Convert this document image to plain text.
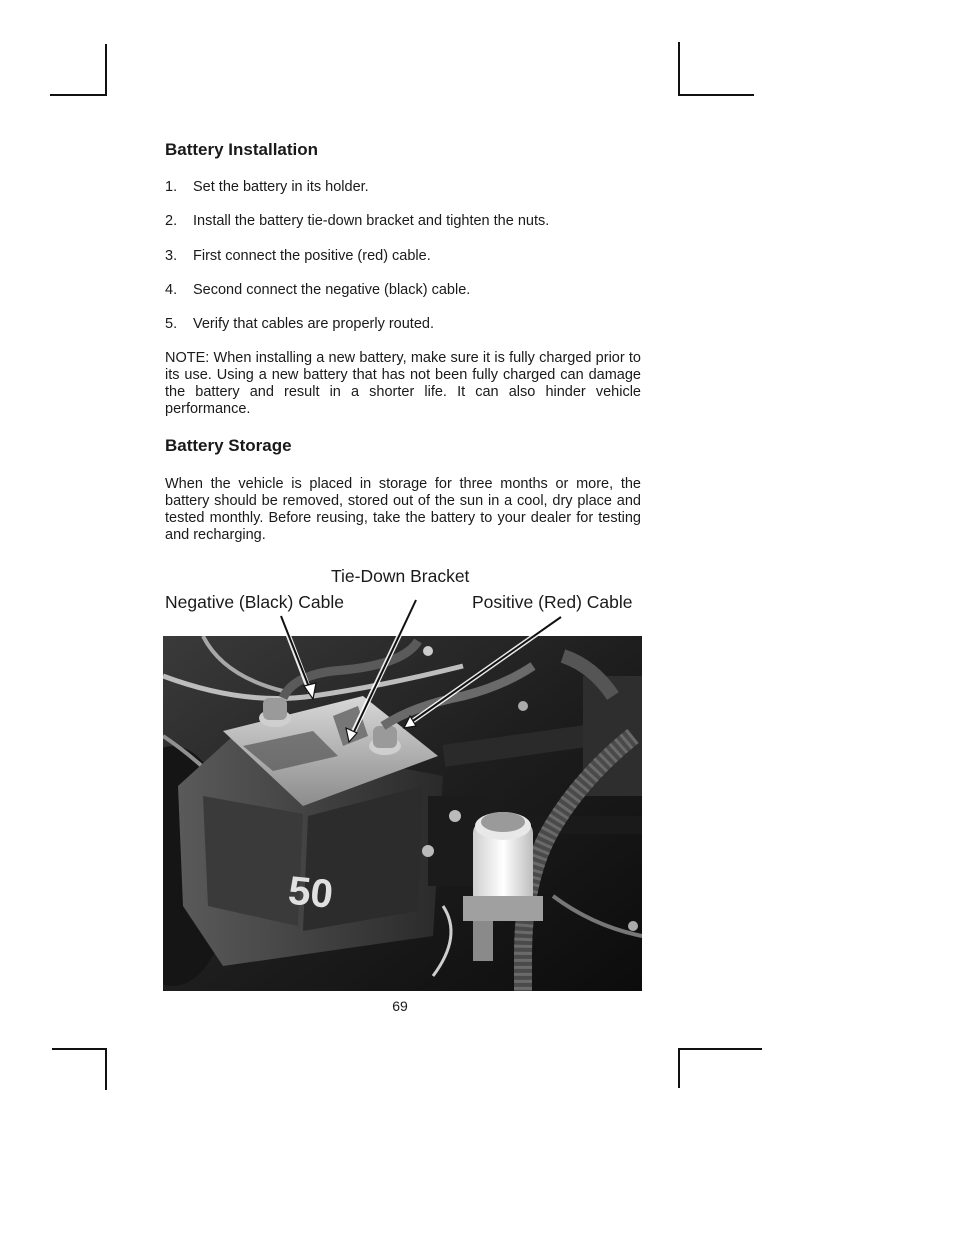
Battery Installation
1. Set the battery in its holder.
2. Install the battery tie-down bracket and tighten the nuts.
3. First connect the positive (red) cable.
4. Second connect the negative (black) cable.
5. Verify that cables are properly routed.

NOTE: When installing a new battery, make sure it is fully charged prior to its use. Using a new battery that has not been fully charged can damage the battery and result in a shorter life. It can also hinder vehicle performance.

Battery Storage

When the vehicle is placed in storage for three months or more, the battery should be removed, stored out of the sun in a cool, dry place and tested monthly. Before reusing, take the battery to your dealer for testing and recharging.

Tie-Down Bracket
Negative (Black) Cable	Positive (Red) Cable
50
69
